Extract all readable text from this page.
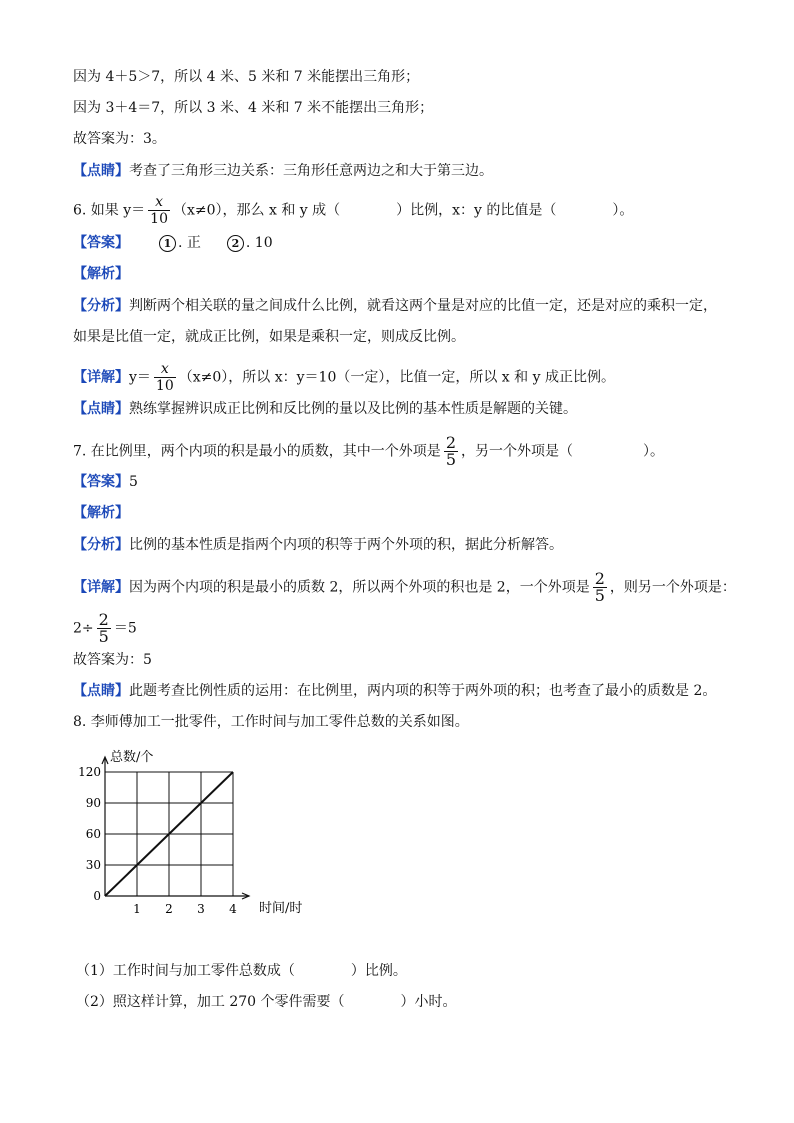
因为 4＋5＞7，所以 4 米、5 米和 7 米能摆出三角形；
因为 3＋4＝7，所以 3 米、4 米和 7 米不能摆出三角形；
故答案为：3。
【点睛】考查了三角形三边关系：三角形任意两边之和大于第三边。
6. 如果 $y= \frac{x}{10} (x\ne 0)$，那么 x 和 y 成（　　　　）比例，x：y 的比值是（　　　　）。
【答案】	1 . 正	2 . 10
【解析】
【分析】判断两个相关联的量之间成什么比例，就看这两个量是对应的比值一定，还是对应的乘积一定，
如果是比值一定，就成正比例，如果是乘积一定，则成反比例。
【详解】$y= \frac{x}{10} (x\ne 0)$，所以 x：y＝10（一定），比值一定，所以 x 和 y 成正比例。
【点睛】熟练掌握辨识成正比例和反比例的量以及比例的基本性质是解题的关键。
7. 在比例里，两个内项的积是最小的质数，其中一个外项是 $\frac{2}{5}$ ，另一个外项是（　　　　　）。
【答案】5
【解析】
【分析】比例的基本性质是指两个内项的积等于两个外项的积，据此分析解答。
【详解】因为两个内项的积是最小的质数 2，所以两个外项的积也是 2，一个外项是 $\frac{2}{5}$ ，则另一个外项是：
$2\div \frac{2}{5} =5$
故答案为：5
【点睛】此题考查比例性质的运用：在比例里，两内项的积等于两外项的积；也考查了最小的质数是 2。
8. 李师傅加工一批零件，工作时间与加工零件总数的关系如图。
0
30
60
90
120
1 2 3 4
总数/个
时间/时
（1）工作时间与加工零件总数成（　　　　）比例。
（2）照这样计算，加工 270 个零件需要（　　　　）小时。
